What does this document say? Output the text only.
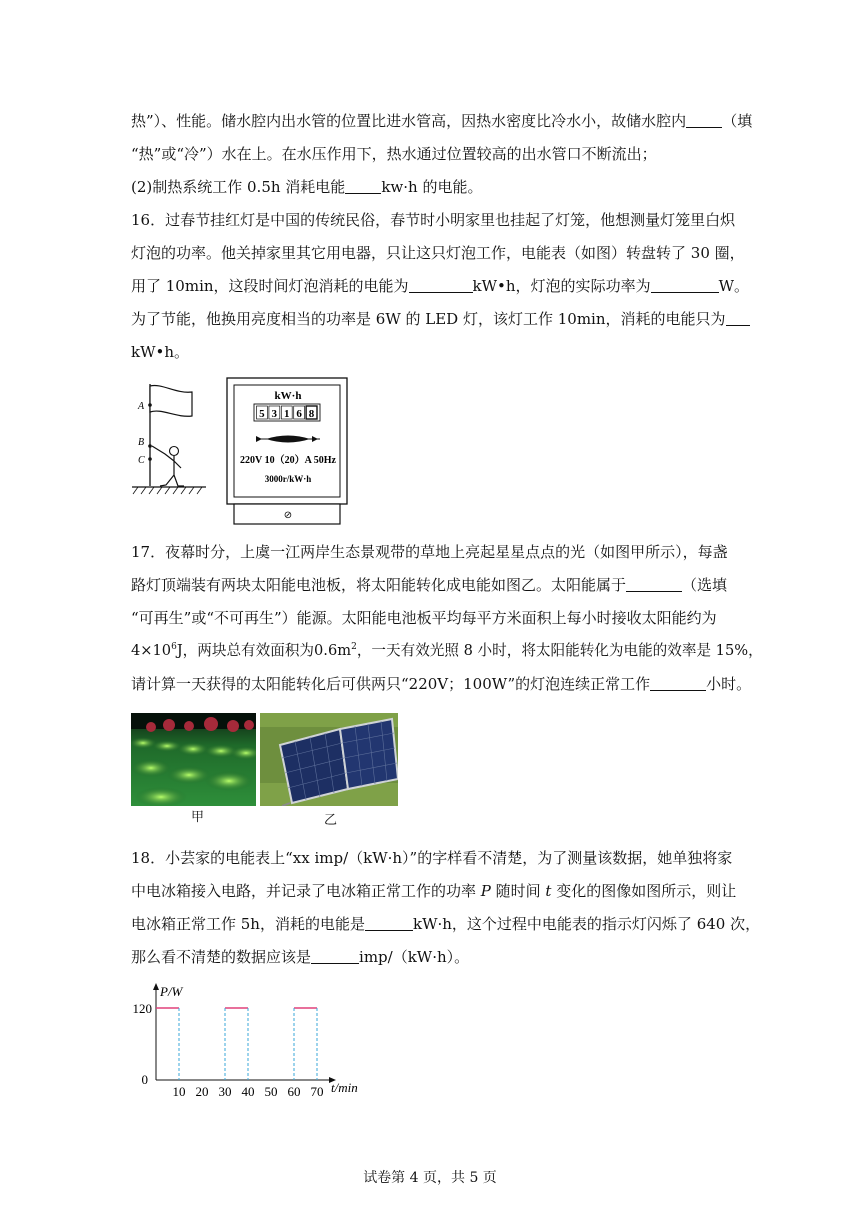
热”）、性能。储水腔内出水管的位置比进水管高，因热水密度比冷水小，故储水腔内 （填
“热”或“冷”）水在上。在水压作用下，热水通过位置较高的出水管口不断流出；
(2)制热系统工作 0.5h 消耗电能 kw·h 的电能。
16．过春节挂红灯是中国的传统民俗，春节时小明家里也挂起了灯笼，他想测量灯笼里白炽
灯泡的功率。他关掉家里其它用电器，只让这只灯泡工作，电能表（如图）转盘转了 30 圈，
用了 10min，这段时间灯泡消耗的电能为	kW•h，灯泡的实际功率为	W。
为了节能，他换用亮度相当的功率是 6W 的 LED 灯，该灯工作 10min，消耗的电能只为
kW•h。
A
B
C
kW·h
5 3 1 6 8
220V 10（20）A 50Hz
3000r/kW·h
⊘
17．夜幕时分，上虞一江两岸生态景观带的草地上亮起星星点点的光（如图甲所示），每盏
路灯顶端装有两块太阳能电池板，将太阳能转化成电能如图乙。太阳能属于	（选填
“可再生”或“不可再生”）能源。太阳能电池板平均每平方米面积上每小时接收太阳能约为
$4\times 10^6J$，两块总有效面积为$0.6m^2$，一天有效光照 8 小时，将太阳能转化为电能的效率是 15%，
请计算一天获得的太阳能转化后可供两只“220V；100W”的灯泡连续正常工作	小时。
甲	乙
18．小芸家的电能表上“xx imp/（kW·h）”的字样看不清楚，为了测量该数据，她单独将家
中电冰箱接入电路，并记录了电冰箱正常工作的功率 P 随时间 t 变化的图像如图所示，则让
电冰箱正常工作 5h，消耗的电能是	kW·h，这个过程中电能表的指示灯闪烁了 640 次，
那么看不清楚的数据应该是	imp/（kW·h）。
120
0
10 20 30 40 50 60 70
P/W
t/min
试卷第 4 页，共 5 页
